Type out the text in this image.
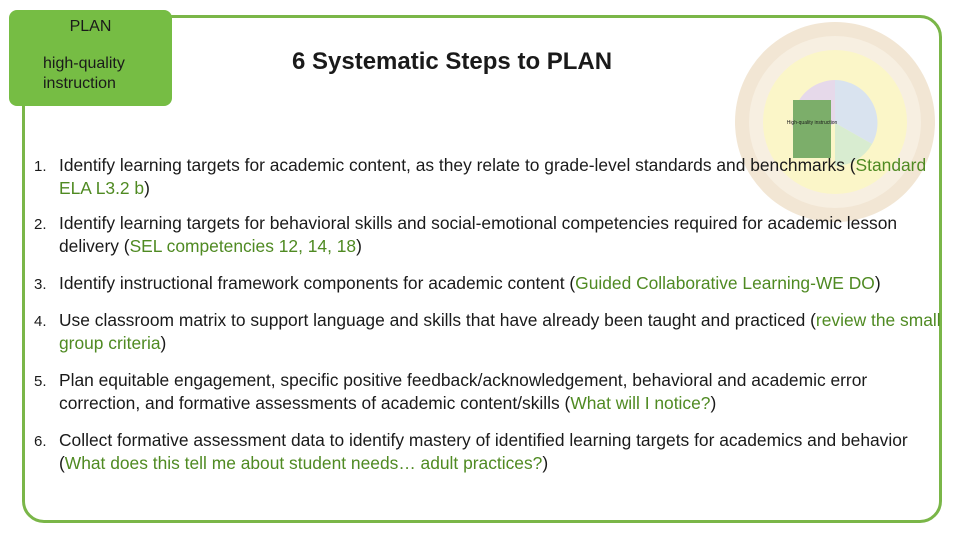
PLAN
high-quality instruction
6 Systematic Steps to PLAN
High-quality instruction
1. Identify learning targets for academic content, as they relate to grade-level standards and benchmarks (Standard ELA L3.2 b)
2. Identify learning targets for behavioral skills and social-emotional competencies required for academic lesson delivery (SEL competencies 12, 14, 18)
3. Identify instructional framework components for academic content (Guided Collaborative Learning-WE DO)
4. Use classroom matrix to support language and skills that have already been taught and practiced (review the small group criteria)
5. Plan equitable engagement, specific positive feedback/acknowledgement, behavioral and academic error correction, and formative assessments of academic content/skills (What will I notice?)
6. Collect formative assessment data to identify mastery of identified learning targets for academics and behavior (What does this tell me about student needs… adult practices?)
